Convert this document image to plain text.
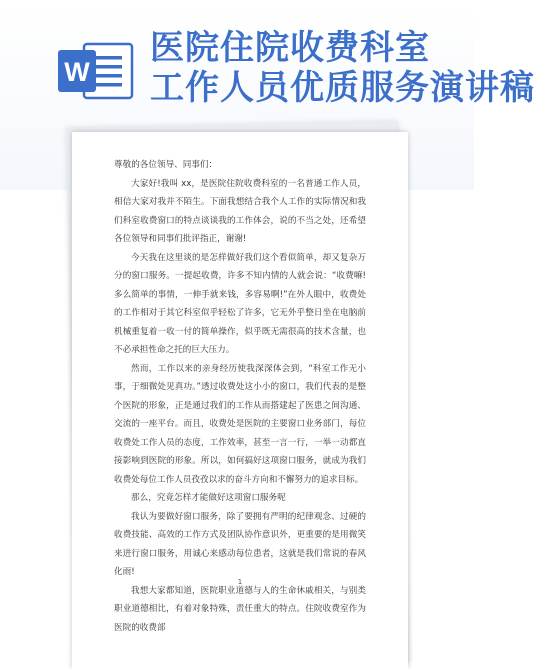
W
医院住院收费科室
工作人员优质服务演讲稿

尊敬的各位领导、同事们：

大家好!我叫 xx，是医院住院收费科室的一名普通工作人员，相信大家对我并不陌生。下面我想结合我个人工作的实际情况和我们科室收费窗口的特点谈谈我的工作体会，说的不当之处，还希望各位领导和同事们批评指正，谢谢!

今天我在这里谈的是怎样做好我们这个看似简单，却又复杂万分的窗口服务。一提起收费，许多不知内情的人就会说：“收费嘛!多么简单的事情，一伸手就来钱，多容易啊!”在外人眼中，收费处的工作相对于其它科室似乎轻松了许多，它无外乎整日坐在电脑前机械重复着一收一付的简单操作，似乎既无需很高的技术含量，也不必承担性命之托的巨大压力。

然而，工作以来的亲身经历使我深深体会到，“科室工作无小事，于细微处见真功。”透过收费处这小小的窗口，我们代表的是整个医院的形象，正是通过我们的工作从而搭建起了医患之间沟通、交流的一座平台。而且，收费处是医院的主要窗口业务部门，每位收费处工作人员的态度，工作效率，甚至一言一行，一举一动都直接影响到医院的形象。所以，如何搞好这项窗口服务，就成为我们收费处每位工作人员孜孜以求的奋斗方向和不懈努力的追求目标。

那么，究竟怎样才能做好这项窗口服务呢

我认为要做好窗口服务，除了要拥有严明的纪律观念、过硬的收费技能、高效的工作方式及团队协作意识外，更重要的是用微笑来进行窗口服务，用诚心来感动每位患者，这就是我们常说的春风化雨!

我想大家都知道，医院职业道德与人的生命休戚相关，与别类职业道德相比，有着对象特殊，责任重大的特点。住院收费室作为医院的收费部

1
